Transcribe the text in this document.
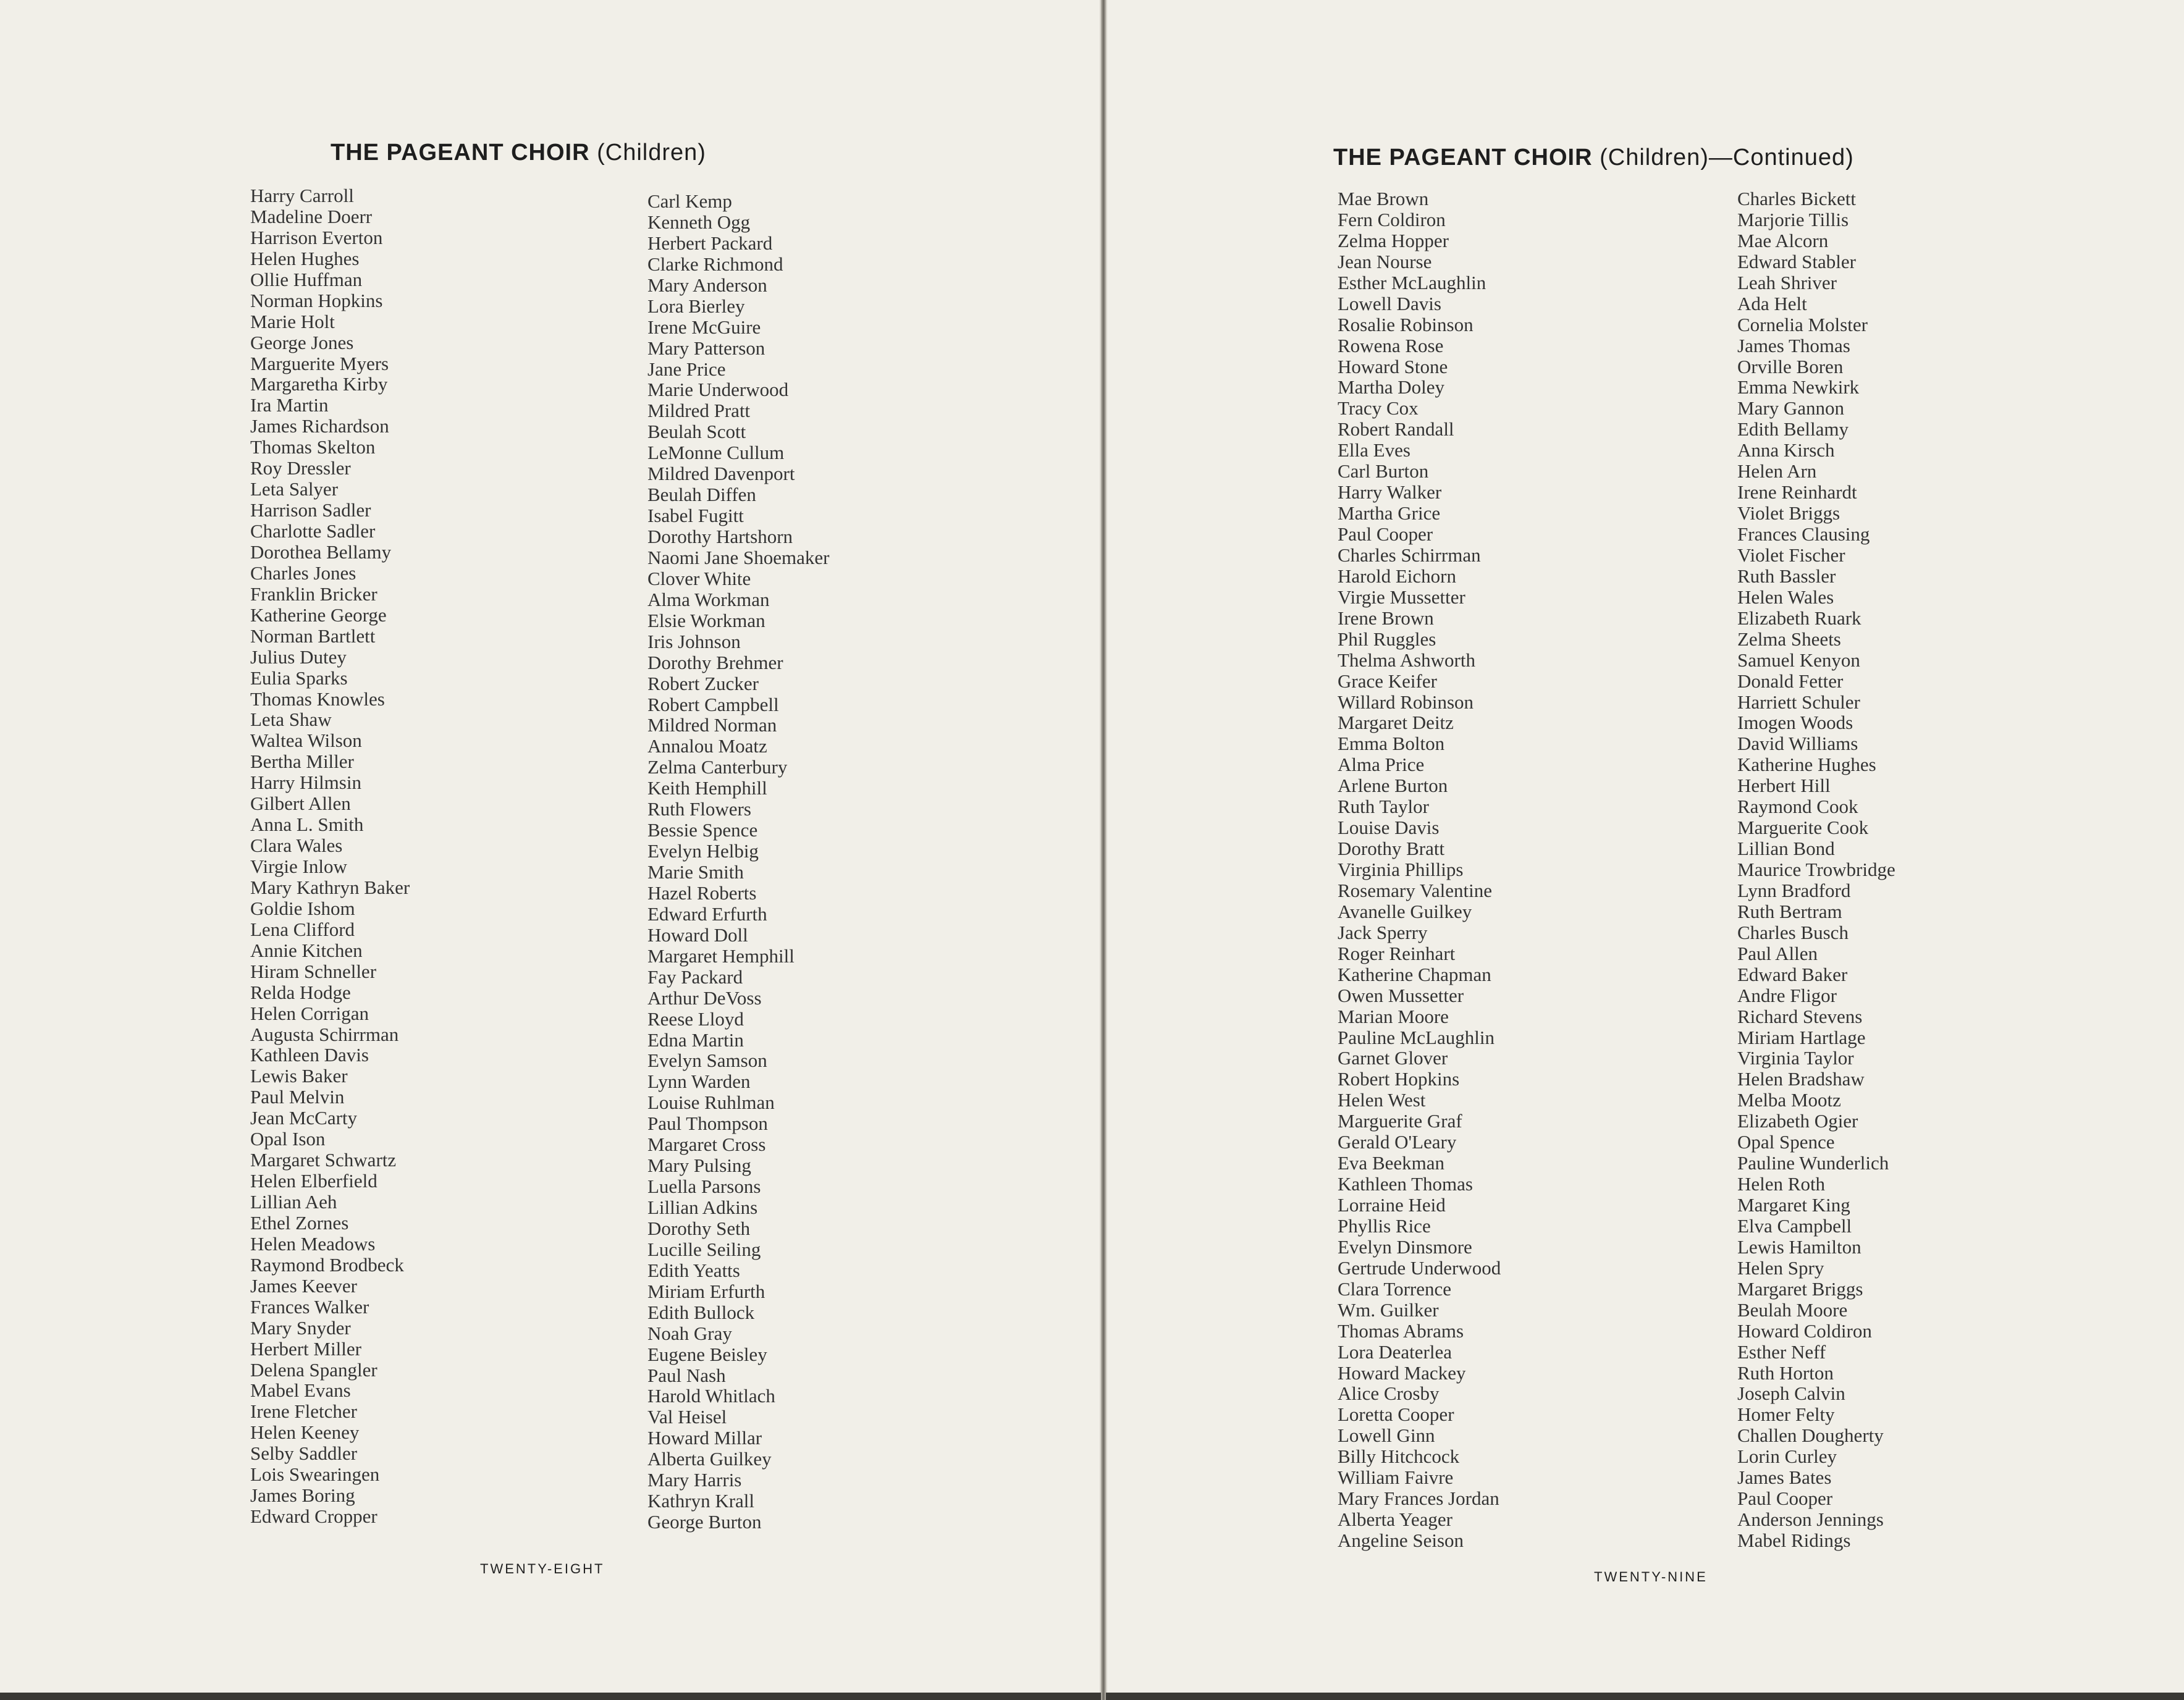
THE PAGEANT CHOIR (Children)
Harry Carroll
Madeline Doerr
Harrison Everton
Helen Hughes
Ollie Huffman
Norman Hopkins
Marie Holt
George Jones
Marguerite Myers
Margaretha Kirby
Ira Martin
James Richardson
Thomas Skelton
Roy Dressler
Leta Salyer
Harrison Sadler
Charlotte Sadler
Dorothea Bellamy
Charles Jones
Franklin Bricker
Katherine George
Norman Bartlett
Julius Dutey
Eulia Sparks
Thomas Knowles
Leta Shaw
Waltea Wilson
Bertha Miller
Harry Hilmsin
Gilbert Allen
Anna L. Smith
Clara Wales
Virgie Inlow
Mary Kathryn Baker
Goldie Ishom
Lena Clifford
Annie Kitchen
Hiram Schneller
Relda Hodge
Helen Corrigan
Augusta Schirrman
Kathleen Davis
Lewis Baker
Paul Melvin
Jean McCarty
Opal Ison
Margaret Schwartz
Helen Elberfield
Lillian Aeh
Ethel Zornes
Helen Meadows
Raymond Brodbeck
James Keever
Frances Walker
Mary Snyder
Herbert Miller
Delena Spangler
Mabel Evans
Irene Fletcher
Helen Keeney
Selby Saddler
Lois Swearingen
James Boring
Edward Cropper
Carl Kemp
Kenneth Ogg
Herbert Packard
Clarke Richmond
Mary Anderson
Lora Bierley
Irene McGuire
Mary Patterson
Jane Price
Marie Underwood
Mildred Pratt
Beulah Scott
LeMonne Cullum
Mildred Davenport
Beulah Diffen
Isabel Fugitt
Dorothy Hartshorn
Naomi Jane Shoemaker
Clover White
Alma Workman
Elsie Workman
Iris Johnson
Dorothy Brehmer
Robert Zucker
Robert Campbell
Mildred Norman
Annalou Moatz
Zelma Canterbury
Keith Hemphill
Ruth Flowers
Bessie Spence
Evelyn Helbig
Marie Smith
Hazel Roberts
Edward Erfurth
Howard Doll
Margaret Hemphill
Fay Packard
Arthur DeVoss
Reese Lloyd
Edna Martin
Evelyn Samson
Lynn Warden
Louise Ruhlman
Paul Thompson
Margaret Cross
Mary Pulsing
Luella Parsons
Lillian Adkins
Dorothy Seth
Lucille Seiling
Edith Yeatts
Miriam Erfurth
Edith Bullock
Noah Gray
Eugene Beisley
Paul Nash
Harold Whitlach
Val Heisel
Howard Millar
Alberta Guilkey
Mary Harris
Kathryn Krall
George Burton
TWENTY-EIGHT
THE PAGEANT CHOIR (Children)—Continued)
Mae Brown
Fern Coldiron
Zelma Hopper
Jean Nourse
Esther McLaughlin
Lowell Davis
Rosalie Robinson
Rowena Rose
Howard Stone
Martha Doley
Tracy Cox
Robert Randall
Ella Eves
Carl Burton
Harry Walker
Martha Grice
Paul Cooper
Charles Schirrman
Harold Eichorn
Virgie Mussetter
Irene Brown
Phil Ruggles
Thelma Ashworth
Grace Keifer
Willard Robinson
Margaret Deitz
Emma Bolton
Alma Price
Arlene Burton
Ruth Taylor
Louise Davis
Dorothy Bratt
Virginia Phillips
Rosemary Valentine
Avanelle Guilkey
Jack Sperry
Roger Reinhart
Katherine Chapman
Owen Mussetter
Marian Moore
Pauline McLaughlin
Garnet Glover
Robert Hopkins
Helen West
Marguerite Graf
Gerald O'Leary
Eva Beekman
Kathleen Thomas
Lorraine Heid
Phyllis Rice
Evelyn Dinsmore
Gertrude Underwood
Clara Torrence
Wm. Guilker
Thomas Abrams
Lora Deaterlea
Howard Mackey
Alice Crosby
Loretta Cooper
Lowell Ginn
Billy Hitchcock
William Faivre
Mary Frances Jordan
Alberta Yeager
Angeline Seison
Charles Bickett
Marjorie Tillis
Mae Alcorn
Edward Stabler
Leah Shriver
Ada Helt
Cornelia Molster
James Thomas
Orville Boren
Emma Newkirk
Mary Gannon
Edith Bellamy
Anna Kirsch
Helen Arn
Irene Reinhardt
Violet Briggs
Frances Clausing
Violet Fischer
Ruth Bassler
Helen Wales
Elizabeth Ruark
Zelma Sheets
Samuel Kenyon
Donald Fetter
Harriett Schuler
Imogen Woods
David Williams
Katherine Hughes
Herbert Hill
Raymond Cook
Marguerite Cook
Lillian Bond
Maurice Trowbridge
Lynn Bradford
Ruth Bertram
Charles Busch
Paul Allen
Edward Baker
Andre Fligor
Richard Stevens
Miriam Hartlage
Virginia Taylor
Helen Bradshaw
Melba Mootz
Elizabeth Ogier
Opal Spence
Pauline Wunderlich
Helen Roth
Margaret King
Elva Campbell
Lewis Hamilton
Helen Spry
Margaret Briggs
Beulah Moore
Howard Coldiron
Esther Neff
Ruth Horton
Joseph Calvin
Homer Felty
Challen Dougherty
Lorin Curley
James Bates
Paul Cooper
Anderson Jennings
Mabel Ridings
TWENTY-NINE
